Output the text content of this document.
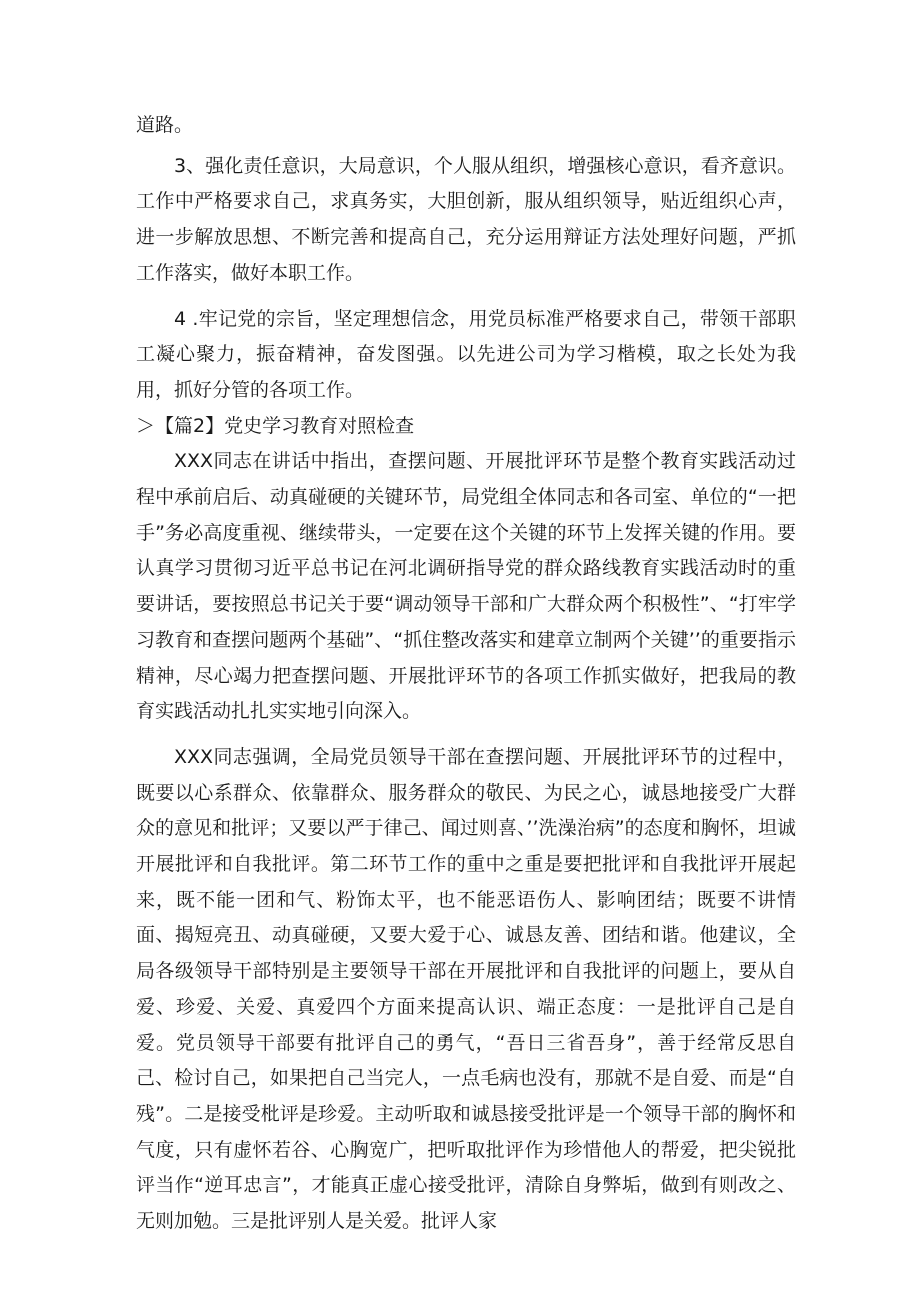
道路。

3、强化责任意识，大局意识，个人服从组织，增强核心意识，看齐意识。工作中严格要求自己，求真务实，大胆创新，服从组织领导，贴近组织心声，进一步解放思想、不断完善和提高自己，充分运用辩证方法处理好问题，严抓工作落实，做好本职工作。

4 .牢记党的宗旨，坚定理想信念，用党员标准严格要求自己，带领干部职工凝心聚力，振奋精神，奋发图强。以先进公司为学习楷模，取之长处为我用，抓好分管的各项工作。

＞【篇2】党史学习教育对照检查

XXX同志在讲话中指出，查摆问题、开展批评环节是整个教育实践活动过程中承前启后、动真碰硬的关键环节，局党组全体同志和各司室、单位的“一把手”务必高度重视、继续带头，一定要在这个关键的环节上发挥关键的作用。要认真学习贯彻习近平总书记在河北调研指导党的群众路线教育实践活动时的重要讲话，要按照总书记关于要“调动领导干部和广大群众两个积极性”、“打牢学习教育和查摆问题两个基础”、“抓住整改落实和建章立制两个关键’’的重要指示精神，尽心竭力把查摆问题、开展批评环节的各项工作抓实做好，把我局的教育实践活动扎扎实实地引向深入。

XXX同志强调，全局党员领导干部在查摆问题、开展批评环节的过程中，既要以心系群众、依靠群众、服务群众的敬民、为民之心，诚恳地接受广大群众的意见和批评；又要以严于律己、闻过则喜、’’洗澡治病”的态度和胸怀，坦诚开展批评和自我批评。第二环节工作的重中之重是要把批评和自我批评开展起来，既不能一团和气、粉饰太平，也不能恶语伤人、影响团结；既要不讲情面、揭短亮丑、动真碰硬，又要大爱于心、诚恳友善、团结和谐。他建议，全局各级领导干部特别是主要领导干部在开展批评和自我批评的问题上，要从自爱、珍爱、关爱、真爱四个方面来提高认识、端正态度：一是批评自己是自爱。党员领导干部要有批评自己的勇气，“吾日三省吾身”，善于经常反思自己、检讨自己，如果把自己当完人，一点毛病也没有，那就不是自爱、而是“自残”。二是接受枇评是珍爱。主动听取和诚恳接受批评是一个领导干部的胸怀和气度，只有虚怀若谷、心胸宽广，把听取批评作为珍惜他人的帮爱，把尖锐批评当作“逆耳忠言”，才能真正虚心接受批评，清除自身弊垢，做到有则改之、无则加勉。三是批评别人是关爱。批评人家
